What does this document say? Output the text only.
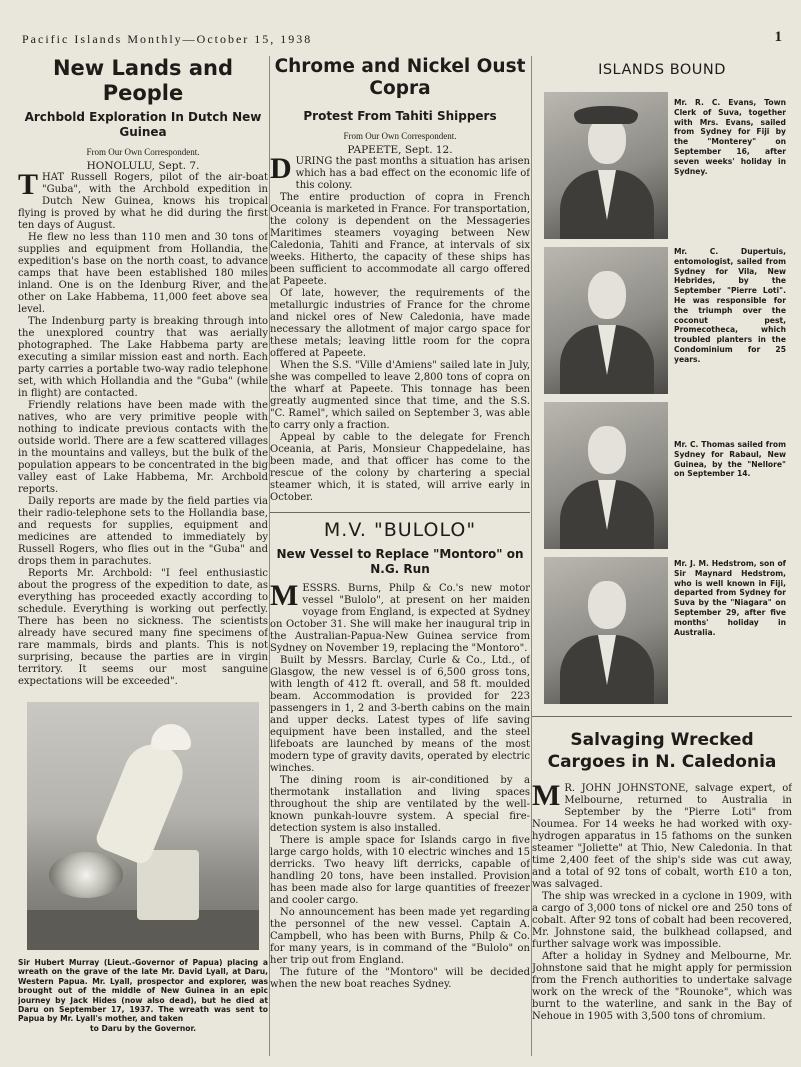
Pacific Islands Monthly—October 15, 1938	1
New Lands and People
Archbold Exploration In Dutch New Guinea
From Our Own Correspondent.
HONOLULU, Sept. 7.

THAT Russell Rogers, pilot of the air-boat "Guba", with the Archbold expedition in Dutch New Guinea, knows his tropical flying is proved by what he did during the first ten days of August.

He flew no less than 110 men and 30 tons of supplies and equipment from Hollandia, the expedition's base on the north coast, to advance camps that have been established 180 miles inland. One is on the Idenburg River, and the other on Lake Habbema, 11,000 feet above sea level.

The Indenburg party is breaking through into the unexplored country that was aerially photographed. The Lake Habbema party are executing a similar mission east and north. Each party carries a portable two-way radio telephone set, with which Hollandia and the "Guba" (while in flight) are contacted.

Friendly relations have been made with the natives, who are very primitive people with nothing to indicate previous contacts with the outside world. There are a few scattered villages in the mountains and valleys, but the bulk of the population appears to be concentrated in the big valley east of Lake Habbema, Mr. Archbold reports.

Daily reports are made by the field parties via their radio-telephone sets to the Hollandia base, and requests for supplies, equipment and medicines are attended to immediately by Russell Rogers, who flies out in the "Guba" and drops them in parachutes.

Reports Mr. Archbold: "I feel enthusiastic about the progress of the expedition to date, as everything has proceeded exactly according to schedule. Everything is working out perfectly. There has been no sickness. The scientists already have secured many fine specimens of rare mammals, birds and plants. This is not surprising, because the parties are in virgin territory. It seems our most sanguine expectations will be exceeded".

Sir Hubert Murray (Lieut.-Governor of Papua) placing a wreath on the grave of the late Mr. David Lyall, at Daru, Western Papua. Mr. Lyall, prospector and explorer, was brought out of the middle of New Guinea in an epic journey by Jack Hides (now also dead), but he died at Daru on September 17, 1937. The wreath was sent to Papua by Mr. Lyall's mother, and taken
to Daru by the Governor.
Chrome and Nickel Oust Copra
Protest From Tahiti Shippers
From Our Own Correspondent.
PAPEETE, Sept. 12.

DURING the past months a situation has arisen which has a bad effect on the economic life of this colony.

The entire production of copra in French Oceania is marketed in France. For transportation, the colony is dependent on the Messageries Maritimes steamers voyaging between New Caledonia, Tahiti and France, at intervals of six weeks. Hitherto, the capacity of these ships has been sufficient to accommodate all cargo offered at Papeete.

Of late, however, the requirements of the metallurgic industries of France for the chrome and nickel ores of New Caledonia, have made necessary the allotment of major cargo space for these metals; leaving little room for the copra offered at Papeete.

When the S.S. "Ville d'Amiens" sailed late in July, she was compelled to leave 2,800 tons of copra on the wharf at Papeete. This tonnage has been greatly augmented since that time, and the S.S. "C. Ramel", which sailed on September 3, was able to carry only a fraction.

Appeal by cable to the delegate for French Oceania, at Paris, Monsieur Chappedelaine, has been made, and that officer has come to the rescue of the colony by chartering a special steamer which, it is stated, will arrive early in October.

M.V. "BULOLO"
New Vessel to Replace "Montoro" on N.G. Run

MESSRS. Burns, Philp & Co.'s new motor vessel "Bulolo", at present on her maiden voyage from England, is expected at Sydney on October 31. She will make her inaugural trip in the Australian-Papua-New Guinea service from Sydney on November 19, replacing the "Montoro".

Built by Messrs. Barclay, Curle & Co., Ltd., of Glasgow, the new vessel is of 6,500 gross tons, with length of 412 ft. overall, and 58 ft. moulded beam. Accommodation is provided for 223 passengers in 1, 2 and 3-berth cabins on the main and upper decks. Latest types of life saving equipment have been installed, and the steel lifeboats are launched by means of the most modern type of gravity davits, operated by electric winches.

The dining room is air-conditioned by a thermotank installation and living spaces throughout the ship are ventilated by the well-known punkah-louvre system. A special fire-detection system is also installed.

There is ample space for Islands cargo in five large cargo holds, with 10 electric winches and 15 derricks. Two heavy lift derricks, capable of handling 20 tons, have been installed. Provision has been made also for large quantities of freezer and cooler cargo.

No announcement has been made yet regarding the personnel of the new vessel. Captain A. Campbell, who has been with Burns, Philp & Co. for many years, is in command of the "Bulolo" on her trip out from England.

The future of the "Montoro" will be decided when the new boat reaches Sydney.

ISLANDS BOUND
Mr. R. C. Evans, Town Clerk of Suva, together with Mrs. Evans, sailed from Sydney for Fiji by the "Monterey" on September 16, after seven weeks' holiday in Sydney.
Mr. C. Dupertuis, entomologist, sailed from Sydney for Vila, New Hebrides, by the September "Pierre Loti". He was responsible for the triumph over the coconut pest, Promecotheca, which troubled planters in the Condominium for 25 years.
Mr. C. Thomas sailed from Sydney for Rabaul, New Guinea, by the "Nellore" on September 14.
Mr. J. M. Hedstrom, son of Sir Maynard Hedstrom, who is well known in Fiji, departed from Sydney for Suva by the "Niagara" on September 29, after five months' holiday in Australia.
Salvaging Wrecked Cargoes in N. Caledonia

M R. JOHN JOHNSTONE, salvage expert, of Melbourne, returned to Australia in September by the "Pierre Loti" from Noumea. For 14 weeks he had worked with oxy-hydrogen apparatus in 15 fathoms on the sunken steamer "Joliette" at Thio, New Caledonia. In that time 2,400 feet of the ship's side was cut away, and a total of 92 tons of cobalt, worth £10 a ton, was salvaged.

The ship was wrecked in a cyclone in 1909, with a cargo of 3,000 tons of nickel ore and 250 tons of cobalt. After 92 tons of cobalt had been recovered, Mr. Johnstone said, the bulkhead collapsed, and further salvage work was impossible.

After a holiday in Sydney and Melbourne, Mr. Johnstone said that he might apply for permission from the French authorities to undertake salvage work on the wreck of the "Rounoke", which was burnt to the waterline, and sank in the Bay of Nehoue in 1905 with 3,500 tons of chromium.
